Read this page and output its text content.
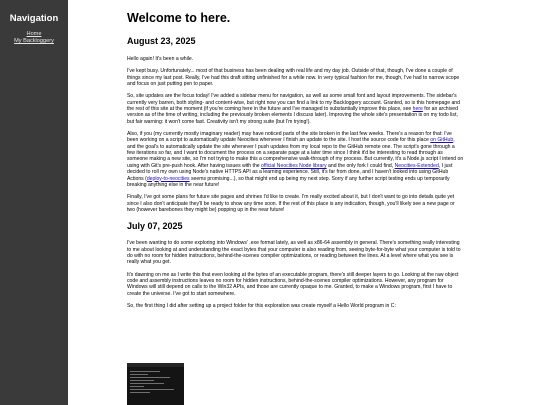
Navigation
Home
My Backloggery
Welcome to here.
August 23, 2025

Hello again! It's been a while.

I've kept busy. Unfortunately... most of that business has been dealing with real life and my day job. Outside of that, though, I've done a couple of things since my last post. Really, I've had this draft sitting unfinished for a while now. In very typical fashion for me, though, I've had to narrow scope and focus on just putting pen to paper.

So, site updates are the focus today! I've added a sidebar menu for navigation, as well as some small font and layout improvements. The sidebar's currently very barren, both styling- and content-wise, but right now you can find a link to my Backloggery account. Granted, so is this homepage and the rest of this site at the moment (if you're coming here in the future and I've managed to substantially improve this place, see here for an archived version as of the time of writing, including the previously broken elements I discuss later). Improving the whole site's presentation is on my todo list, but fair warning: it won't come fast. Creativity isn't my strong suite (but I'm trying!).

Also, if you (my currently mostly imaginary reader) may have noticed parts of the site broken in the last few weeks. There's a reason for that: I've been working on a script to automatically update Neocities whenever I finish an update to the site. I host the source code for this place on GitHub, and the goal's to automatically update the site whenever I push updates from my local repo to the GitHub remote one. The script's gone through a few iterations so far, and I want to document the process on a separate page at a later time since I think it'd be interesting to read through as someone making a new site, so I'm not trying to make this a comprehensive walk-through of my process. But currently, it's a Node.js script I intend on using with Git's pre-push hook. After having issues with the official Neocities Node library and the only fork I could find, Neocities-Extended, I just decided to roll my own using Node's native HTTPS API as a learning experience. Still, it's far from done, and I haven't looked into using GitHub Actions (deploy-to-neocities seems promising...), so that might end up being my next step. Sorry if any further script testing ends up temporarily breaking anything else in the near future!

Finally, I've got some plans for future site pages and shrines I'd like to create. I'm really excited about it, but I don't want to go into details quite yet since I also don't anticipate they'll be ready to show any time soon. If the rest of this place is any indication, though, you'll likely see a new page or two (however barebones they might be) popping up in the near future!

July 07, 2025

I've been wanting to do some exploring into Windows' .exe format lately, as well as x86-64 assembly in general. There's something really interesting to me about looking at and understanding the exact bytes that your computer is also reading from, seeing byte-for-byte what your computer is told to do with no room for hidden instructions, behind-the-scenes compiler optimizations, or reading between the lines. At a level where what you see is really what you get.

It's dawning on me as I write this that even looking at the bytes of an executable program, there's still deeper layers to go. Looking at the raw object code and assembly instructions leaves no room for hidden instructions, behind-the-scenes compiler optimizations. However, any program for Windows will still depend on calls to the Win32 APIs, and those are currently opaque to me. Granted, to make a Windows program, first I have to create the universe. I've got to start somewhere.

So, the first thing I did after setting up a project folder for this exploration was create myself a Hello World program in C:
